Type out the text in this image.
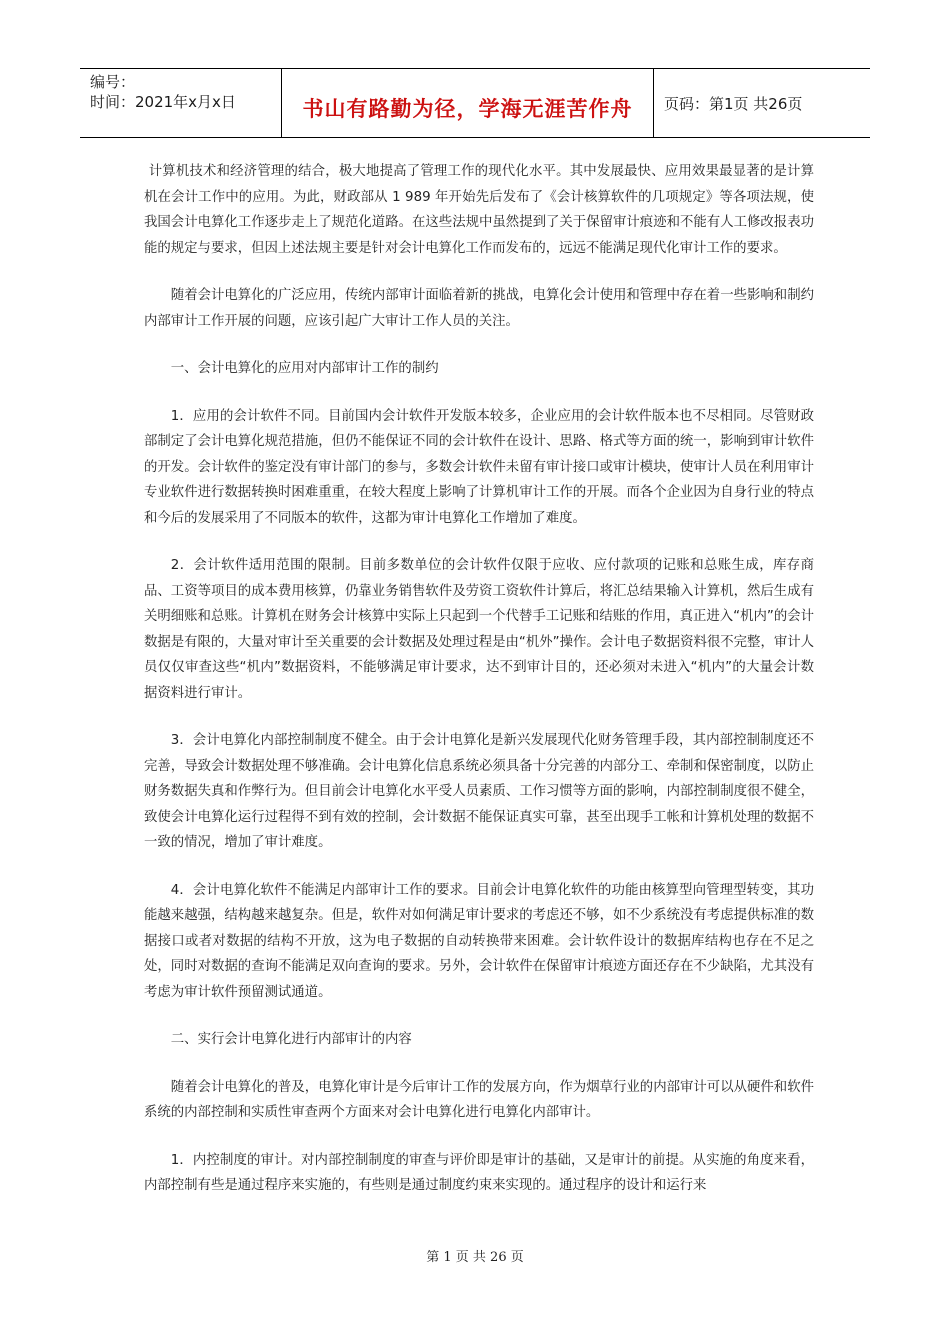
编号：
时间：2021年x月x日	书山有路勤为径，学海无涯苦作舟	页码：第1页 共26页

计算机技术和经济管理的结合，极大地提高了管理工作的现代化水平。其中发展最快、应用效果最显著的是计算机在会计工作中的应用。为此，财政部从 1 989 年开始先后发布了《会计核算软件的几项规定》等各项法规，使我国会计电算化工作逐步走上了规范化道路。在这些法规中虽然提到了关于保留审计痕迹和不能有人工修改报表功能的规定与要求，但因上述法规主要是针对会计电算化工作而发布的，远远不能满足现代化审计工作的要求。

随着会计电算化的广泛应用，传统内部审计面临着新的挑战，电算化会计使用和管理中存在着一些影响和制约内部审计工作开展的问题，应该引起广大审计工作人员的关注。

一、会计电算化的应用对内部审计工作的制约

1．应用的会计软件不同。目前国内会计软件开发版本较多，企业应用的会计软件版本也不尽相同。尽管财政部制定了会计电算化规范措施，但仍不能保证不同的会计软件在设计、思路、格式等方面的统一，影响到审计软件的开发。会计软件的鉴定没有审计部门的参与，多数会计软件未留有审计接口或审计模块，使审计人员在利用审计专业软件进行数据转换时困难重重，在较大程度上影响了计算机审计工作的开展。而各个企业因为自身行业的特点和今后的发展采用了不同版本的软件，这都为审计电算化工作增加了难度。

2．会计软件适用范围的限制。目前多数单位的会计软件仅限于应收、应付款项的记账和总账生成，库存商品、工资等项目的成本费用核算，仍靠业务销售软件及劳资工资软件计算后，将汇总结果输入计算机，然后生成有关明细账和总账。计算机在财务会计核算中实际上只起到一个代替手工记账和结账的作用，真正进入“机内”的会计数据是有限的，大量对审计至关重要的会计数据及处理过程是由“机外”操作。会计电子数据资料很不完整，审计人员仅仅审查这些“机内”数据资料，不能够满足审计要求，达不到审计目的，还必须对未进入“机内”的大量会计数据资料进行审计。

3．会计电算化内部控制制度不健全。由于会计电算化是新兴发展现代化财务管理手段，其内部控制制度还不完善，导致会计数据处理不够准确。会计电算化信息系统必须具备十分完善的内部分工、牵制和保密制度，以防止财务数据失真和作弊行为。但目前会计电算化水平受人员素质、工作习惯等方面的影响，内部控制制度很不健全，致使会计电算化运行过程得不到有效的控制，会计数据不能保证真实可靠，甚至出现手工帐和计算机处理的数据不一致的情况，增加了审计难度。

4．会计电算化软件不能满足内部审计工作的要求。目前会计电算化软件的功能由核算型向管理型转变，其功能越来越强，结构越来越复杂。但是，软件对如何满足审计要求的考虑还不够，如不少系统没有考虑提供标准的数据接口或者对数据的结构不开放，这为电子数据的自动转换带来困难。会计软件设计的数据库结构也存在不足之处，同时对数据的查询不能满足双向查询的要求。另外，会计软件在保留审计痕迹方面还存在不少缺陷，尤其没有考虑为审计软件预留测试通道。

二、实行会计电算化进行内部审计的内容

随着会计电算化的普及，电算化审计是今后审计工作的发展方向，作为烟草行业的内部审计可以从硬件和软件系统的内部控制和实质性审查两个方面来对会计电算化进行电算化内部审计。

1．内控制度的审计。对内部控制制度的审查与评价即是审计的基础，又是审计的前提。从实施的角度来看，内部控制有些是通过程序来实施的，有些则是通过制度约束来实现的。通过程序的设计和运行来

第 1 页 共 26 页
